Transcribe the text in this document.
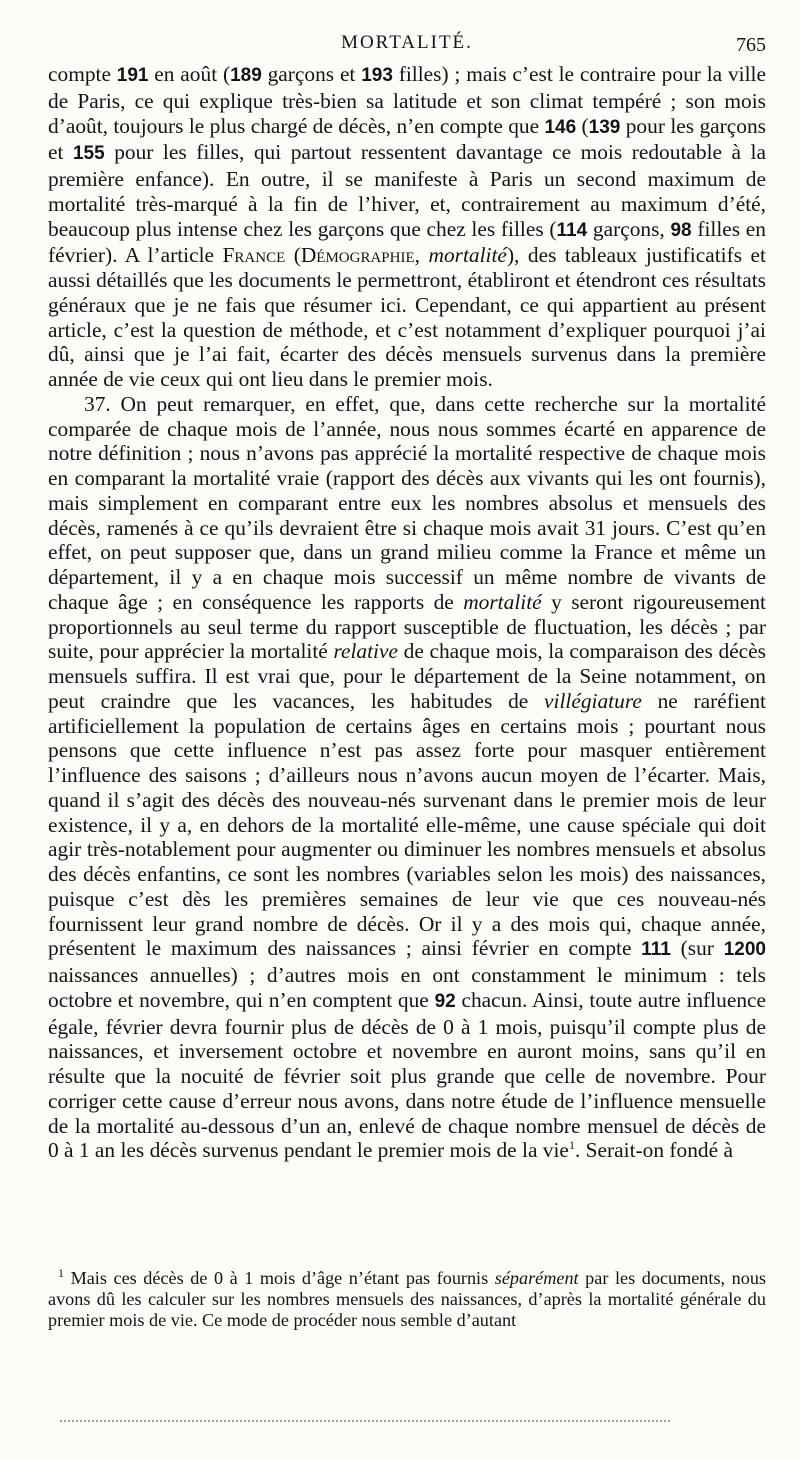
MORTALITÉ.	765

compte 191 en août (189 garçons et 193 filles) ; mais c’est le contraire pour la ville de Paris, ce qui explique très-bien sa latitude et son climat tempéré ; son mois d’août, toujours le plus chargé de décès, n’en compte que 146 (139 pour les garçons et 155 pour les filles, qui partout ressentent davantage ce mois redoutable à la première enfance). En outre, il se manifeste à Paris un second maximum de mortalité très-marqué à la fin de l’hiver, et, contrairement au maximum d’été, beaucoup plus intense chez les garçons que chez les filles (114 garçons, 98 filles en février). A l’article France (Démographie, mortalité), des tableaux justificatifs et aussi détaillés que les documents le permettront, établiront et étendront ces résultats généraux que je ne fais que résumer ici. Cependant, ce qui appartient au présent article, c’est la question de méthode, et c’est notamment d’expliquer pourquoi j’ai dû, ainsi que je l’ai fait, écarter des décès mensuels survenus dans la première année de vie ceux qui ont lieu dans le premier mois.

37. On peut remarquer, en effet, que, dans cette recherche sur la mortalité comparée de chaque mois de l’année, nous nous sommes écarté en apparence de notre définition ; nous n’avons pas apprécié la mortalité respective de chaque mois en comparant la mortalité vraie (rapport des décès aux vivants qui les ont fournis), mais simplement en comparant entre eux les nombres absolus et mensuels des décès, ramenés à ce qu’ils devraient être si chaque mois avait 31 jours. C’est qu’en effet, on peut supposer que, dans un grand milieu comme la France et même un département, il y a en chaque mois successif un même nombre de vivants de chaque âge ; en conséquence les rapports de mortalité y seront rigoureusement proportionnels au seul terme du rapport susceptible de fluctuation, les décès ; par suite, pour apprécier la mortalité relative de chaque mois, la comparaison des décès mensuels suffira. Il est vrai que, pour le département de la Seine notamment, on peut craindre que les vacances, les habitudes de villégiature ne raréfient artificiellement la population de certains âges en certains mois ; pourtant nous pensons que cette influence n’est pas assez forte pour masquer entièrement l’influence des saisons ; d’ailleurs nous n’avons aucun moyen de l’écarter. Mais, quand il s’agit des décès des nouveau-nés survenant dans le premier mois de leur existence, il y a, en dehors de la mortalité elle-même, une cause spéciale qui doit agir très-notablement pour augmenter ou diminuer les nombres mensuels et absolus des décès enfantins, ce sont les nombres (variables selon les mois) des naissances, puisque c’est dès les premières semaines de leur vie que ces nouveau-nés fournissent leur grand nombre de décès. Or il y a des mois qui, chaque année, présentent le maximum des naissances ; ainsi février en compte 111 (sur 1200 naissances annuelles) ; d’autres mois en ont constamment le minimum : tels octobre et novembre, qui n’en comptent que 92 chacun. Ainsi, toute autre influence égale, février devra fournir plus de décès de 0 à 1 mois, puisqu’il compte plus de naissances, et inversement octobre et novembre en auront moins, sans qu’il en résulte que la nocuité de février soit plus grande que celle de novembre. Pour corriger cette cause d’erreur nous avons, dans notre étude de l’influence mensuelle de la mortalité au-dessous d’un an, enlevé de chaque nombre mensuel de décès de 0 à 1 an les décès survenus pendant le premier mois de la vie$^1$. Serait-on fondé à

$^1$ Mais ces décès de 0 à 1 mois d’âge n’étant pas fournis séparément par les documents, nous avons dû les calculer sur les nombres mensuels des naissances, d’après la mortalité générale du premier mois de vie. Ce mode de procéder nous semble d’autant
